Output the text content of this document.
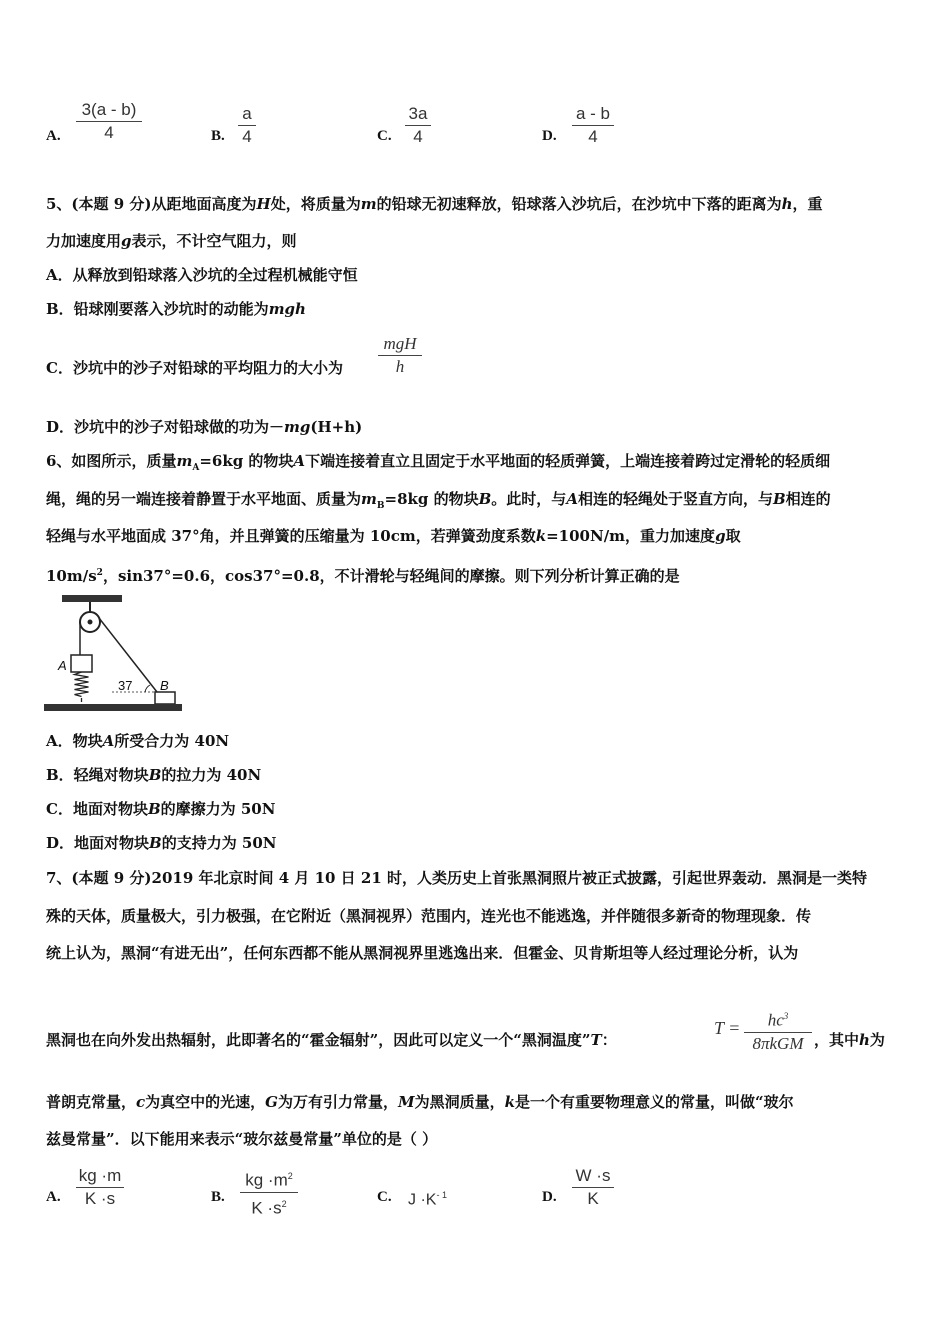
A.
3(a - b)
4	B.
a
4	C.
3a
4	D.
a - b
4
5、(本题 9 分)从距地面高度为H处，将质量为m的铅球无初速释放，铅球落入沙坑后，在沙坑中下落的距离为h，重
力加速度用g表示，不计空气阻力，则
A．从释放到铅球落入沙坑的全过程机械能守恒
B．铅球刚要落入沙坑时的动能为mgh
C．沙坑中的沙子对铅球的平均阻力的大小为
mgH
h
D．沙坑中的沙子对铅球做的功为－mg(H+h)
6、如图所示，质量$m_A=6kg$ 的物块A下端连接着直立且固定于水平地面的轻质弹簧，上端连接着跨过定滑轮的轻质细
绳，绳的另一端连接着静置于水平地面、质量为$m_B=8kg$ 的物块B。此时，与A相连的轻绳处于竖直方向，与B相连的
轻绳与水平地面成 37°角，并且弹簧的压缩量为 10cm，若弹簧劲度系数k=100N/m，重力加速度g取
$10m/s^2$，sin37°=0.6，cos37°=0.8，不计滑轮与轻绳间的摩擦。则下列分析计算正确的是
A
B
37
A．物块A所受合力为 40N
B．轻绳对物块B的拉力为 40N
C．地面对物块B的摩擦力为 50N
D．地面对物块B的支持力为 50N
7、(本题 9 分)2019 年北京时间 4 月 10 日 21 时，人类历史上首张黑洞照片被正式披露，引起世界轰动．黑洞是一类特
殊的天体，质量极大，引力极强，在它附近（黑洞视界）范围内，连光也不能逃逸，并伴随很多新奇的物理现象．传
统上认为，黑洞“有进无出”，任何东西都不能从黑洞视界里逃逸出来．但霍金、贝肯斯坦等人经过理论分析，认为
黑洞也在向外发出热辐射，此即著名的“霍金辐射”，因此可以定义一个“黑洞温度”T：
T =	$hc^3$
8πkGM ，其中h为
普朗克常量，c为真空中的光速，G为万有引力常量，M为黑洞质量，k是一个有重要物理意义的常量，叫做“玻尔
兹曼常量”．以下能用来表示“玻尔兹曼常量”单位的是（ ）
A.
kg ·m
K ·s	B.
kg $\cdot m^2$
$K \cdot s^2$	C. $J \cdot K^{- 1}$	D.
W ·s
K
